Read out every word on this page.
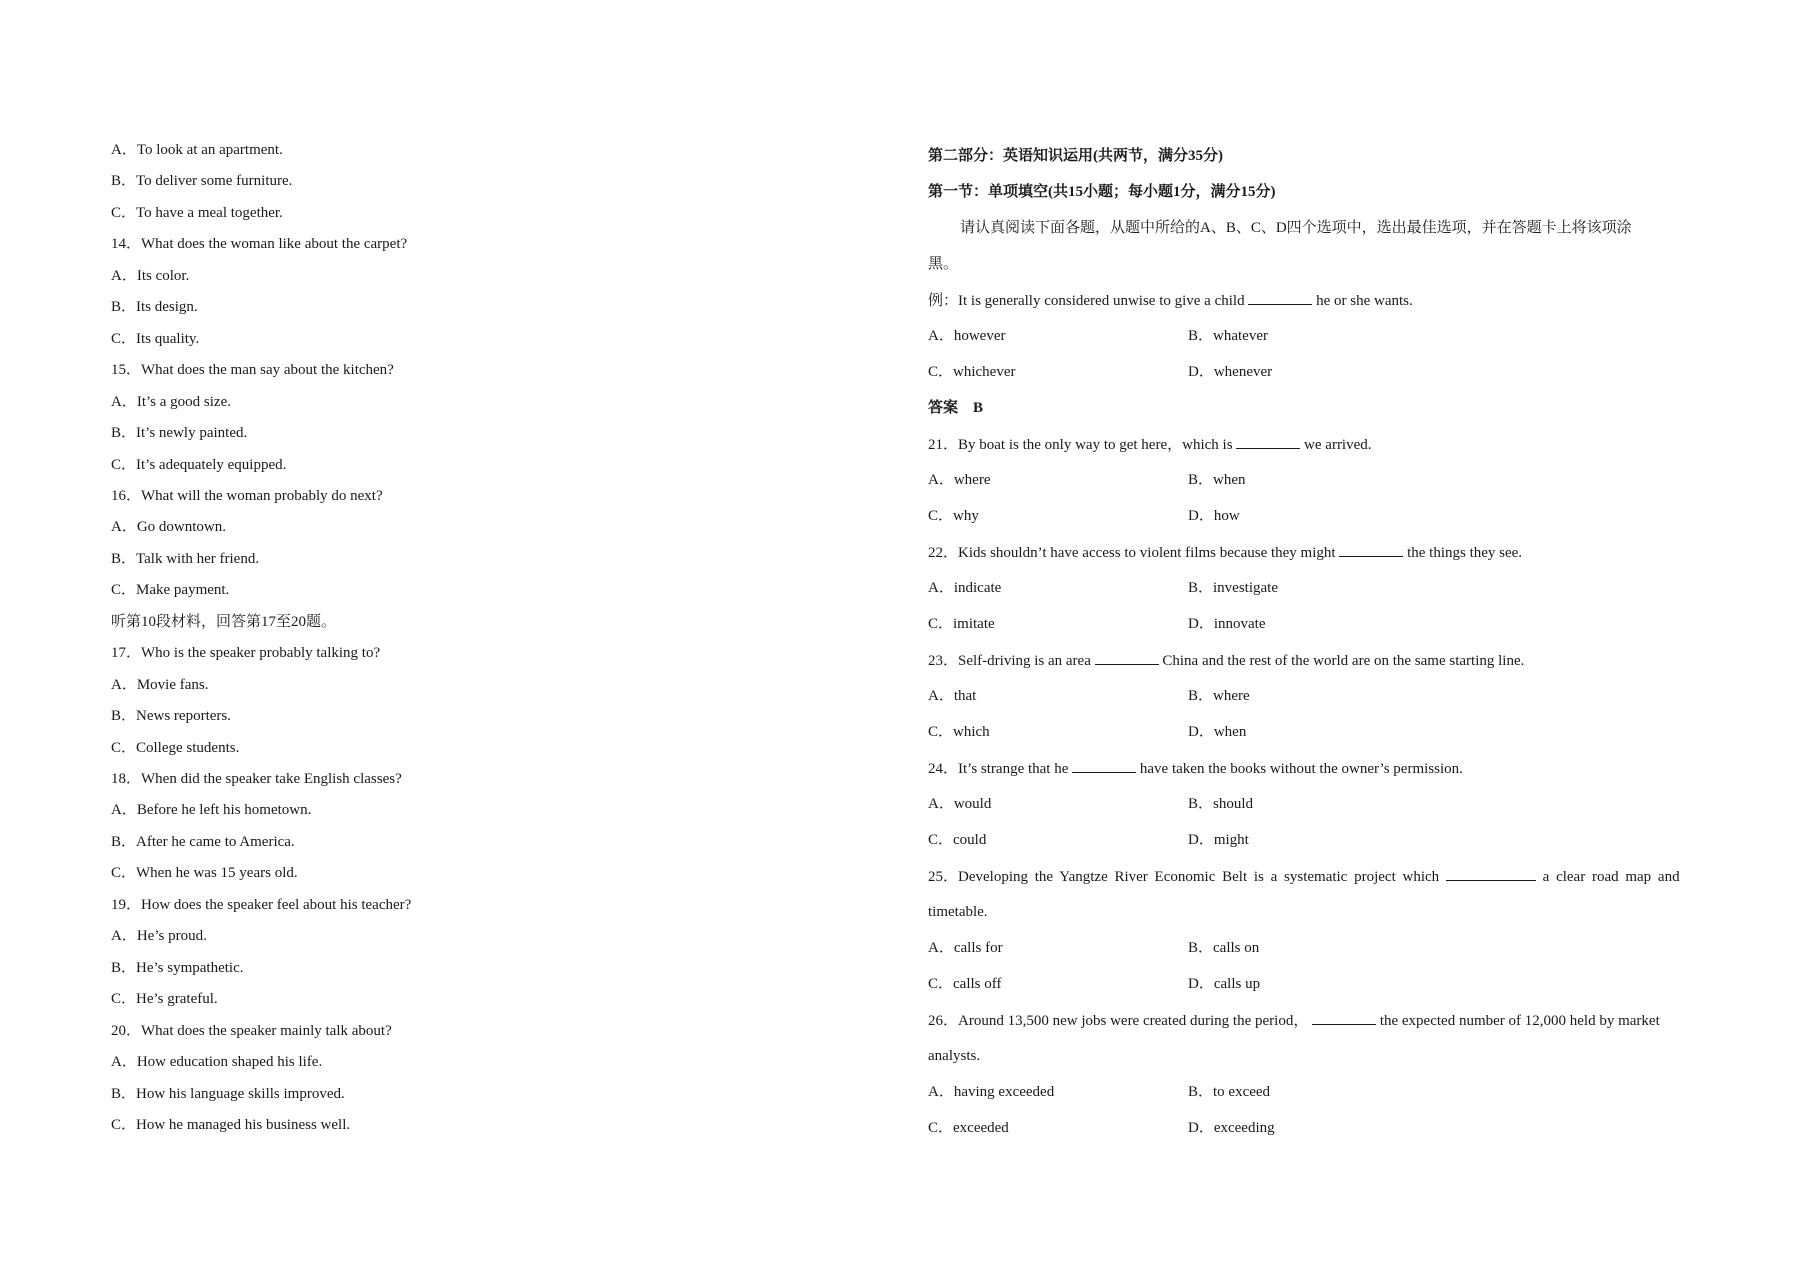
A．To look at an apartment.
B．To deliver some furniture.
C．To have a meal together.
14．What does the woman like about the carpet?
A．Its color.
B．Its design.
C．Its quality.
15．What does the man say about the kitchen?
A．It’s a good size.
B．It’s newly painted.
C．It’s adequately equipped.
16．What will the woman probably do next?
A．Go downtown.
B．Talk with her friend.
C．Make payment.
听第10段材料，回答第17至20题。
17．Who is the speaker probably talking to?
A．Movie fans.
B．News reporters.
C．College students.
18．When did the speaker take English classes?
A．Before he left his hometown.
B．After he came to America.
C．When he was 15 years old.
19．How does the speaker feel about his teacher?
A．He’s proud.
B．He’s sympathetic.
C．He’s grateful.
20．What does the speaker mainly talk about?
A．How education shaped his life.
B．How his language skills improved.
C．How he managed his business well.
第二部分：英语知识运用(共两节，满分35分)
第一节：单项填空(共15小题；每小题1分，满分15分)
请认真阅读下面各题，从题中所给的A、B、C、D四个选项中，选出最佳选项，并在答题卡上将该项涂
黑。
例：It is generally considered unwise to give a child	he or she wants.
A．however	B．whatever
C．whichever	D．whenever
答案　B
21．By boat is the only way to get here，which is	we arrived.
A．where	B．when
C．why	D．how
22．Kids shouldn’t have access to violent films because they might	the things they see.
A．indicate	B．investigate
C．imitate	D．innovate
23．Self-driving is an area	China and the rest of the world are on the same starting line.
A．that	B．where
C．which	D．when
24．It’s strange that he	have taken the books without the owner’s permission.
A．would	B．should
C．could	D．might
25．Developing the Yangtze River Economic Belt is a systematic project which	a clear road map and
timetable.
A．calls for	B．calls on
C．calls off	D．calls up
26．Around 13,500 new jobs were created during the period，	the expected number of 12,000 held by market
analysts.
A．having exceeded	B．to exceed
C．exceeded	D．exceeding
